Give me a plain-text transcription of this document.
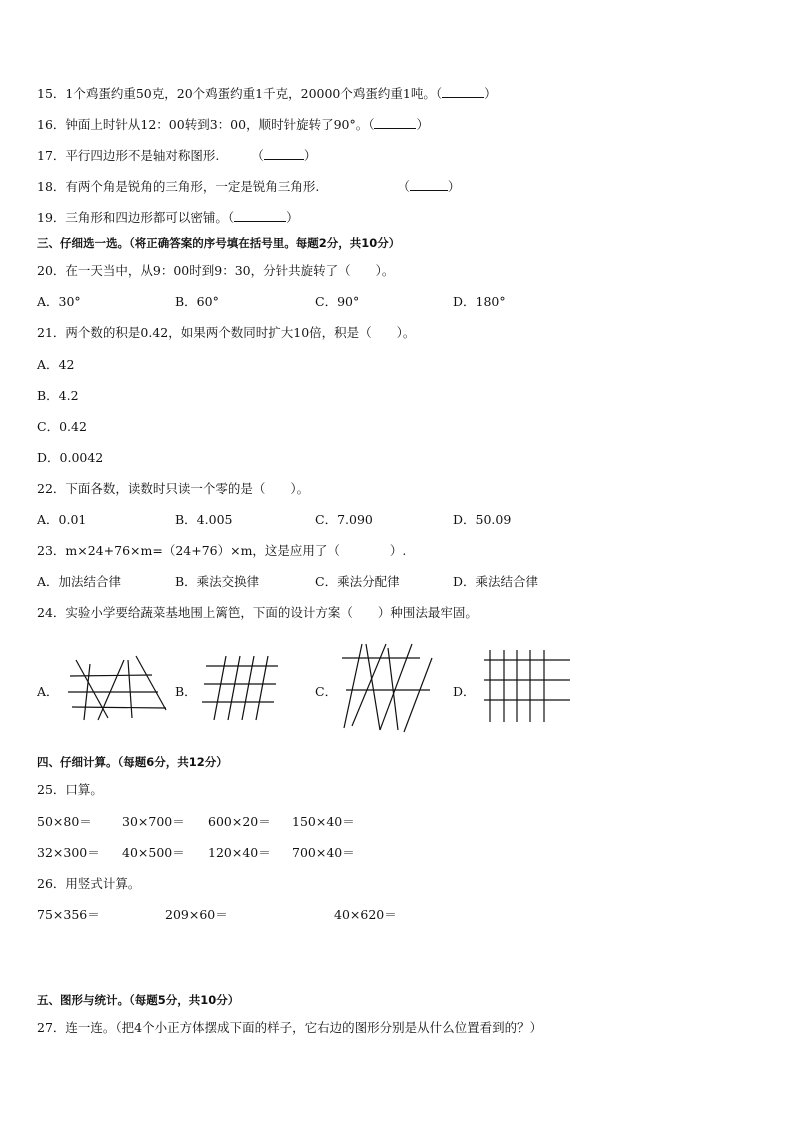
15．1个鸡蛋约重50克，20个鸡蛋约重1千克，20000个鸡蛋约重1吨。（	）
16．钟面上时针从12：00转到3：00，顺时针旋转了90°。（	）
17．平行四边形不是轴对称图形.	（	）
18．有两个角是锐角的三角形，一定是锐角三角形.	（	）
19．三角形和四边形都可以密铺。（	）
三、仔细选一选。（将正确答案的序号填在括号里。每题2分，共10分）
20．在一天当中，从9：00时到9：30，分针共旋转了（　　）。
A．30°	B．60°	C．90°	D．180°
21．两个数的积是0.42，如果两个数同时扩大10倍，积是（　　）。
A．42
B．4.2
C．0.42
D．0.0042
22．下面各数，读数时只读一个零的是（　　）。
A．0.01	B．4.005	C．7.090	D．50.09
23．m×24+76×m=（24+76）×m，这是应用了（　　　　）.
A．加法结合律	B．乘法交换律	C．乘法分配律	D．乘法结合律
24．实验小学要给蔬菜基地围上篱笆，下面的设计方案（　　）种围法最牢固。
A．	B．	C．	D．
四、仔细计算。（每题6分，共12分）
25．口算。
50×80＝ 30×700＝ 600×20＝ 150×40＝
32×300＝ 40×500＝ 120×40＝ 700×40＝
26．用竖式计算。
75×356＝	209×60＝	40×620＝
五、图形与统计。（每题5分，共10分）
27．连一连。（把4个小正方体摆成下面的样子，它右边的图形分别是从什么位置看到的？）
